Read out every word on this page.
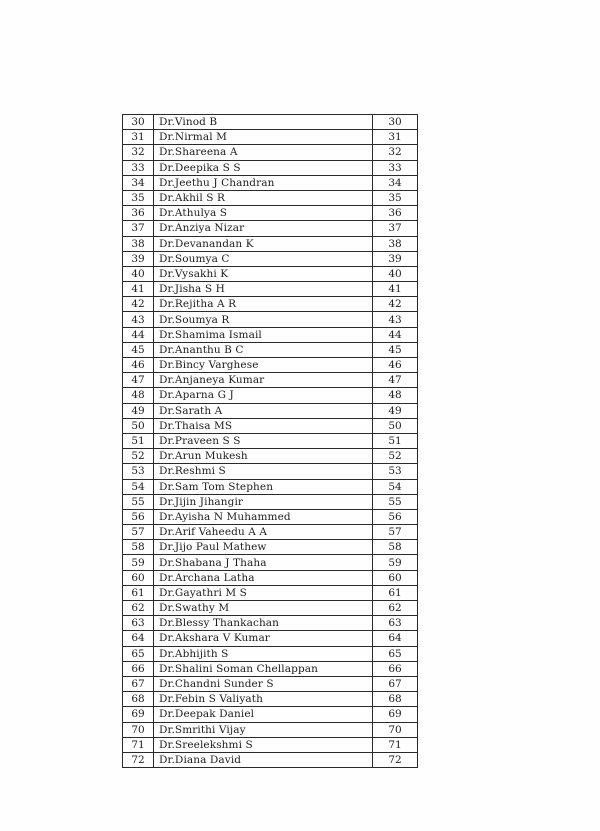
30	Dr.Vinod B	30
31	Dr.Nirmal M	31
32	Dr.Shareena A	32
33	Dr.Deepika S S	33
34	Dr.Jeethu J Chandran	34
35	Dr.Akhil S R	35
36	Dr.Athulya S	36
37	Dr.Anziya Nizar	37
38	Dr.Devanandan K	38
39	Dr.Soumya C	39
40	Dr.Vysakhi K	40
41	Dr.Jisha S H	41
42	Dr.Rejitha A R	42
43	Dr.Soumya R	43
44	Dr.Shamima Ismail	44
45	Dr.Ananthu B C	45
46	Dr.Bincy Varghese	46
47	Dr.Anjaneya Kumar	47
48	Dr.Aparna G J	48
49	Dr.Sarath A	49
50	Dr.Thaisa MS	50
51	Dr.Praveen S S	51
52	Dr.Arun Mukesh	52
53	Dr.Reshmi S	53
54	Dr.Sam Tom Stephen	54
55	Dr.Jijin Jihangir	55
56	Dr.Ayisha N Muhammed	56
57	Dr.Arif Vaheedu A A	57
58	Dr.Jijo Paul Mathew	58
59	Dr.Shabana J Thaha	59
60	Dr.Archana Latha	60
61	Dr.Gayathri M S	61
62	Dr.Swathy M	62
63	Dr.Blessy Thankachan	63
64	Dr.Akshara V Kumar	64
65	Dr.Abhijith S	65
66	Dr.Shalini Soman Chellappan	66
67	Dr.Chandni Sunder S	67
68	Dr.Febin S Valiyath	68
69	Dr.Deepak Daniel	69
70	Dr.Smrithi Vijay	70
71	Dr.Sreelekshmi S	71
72	Dr.Diana David	72
